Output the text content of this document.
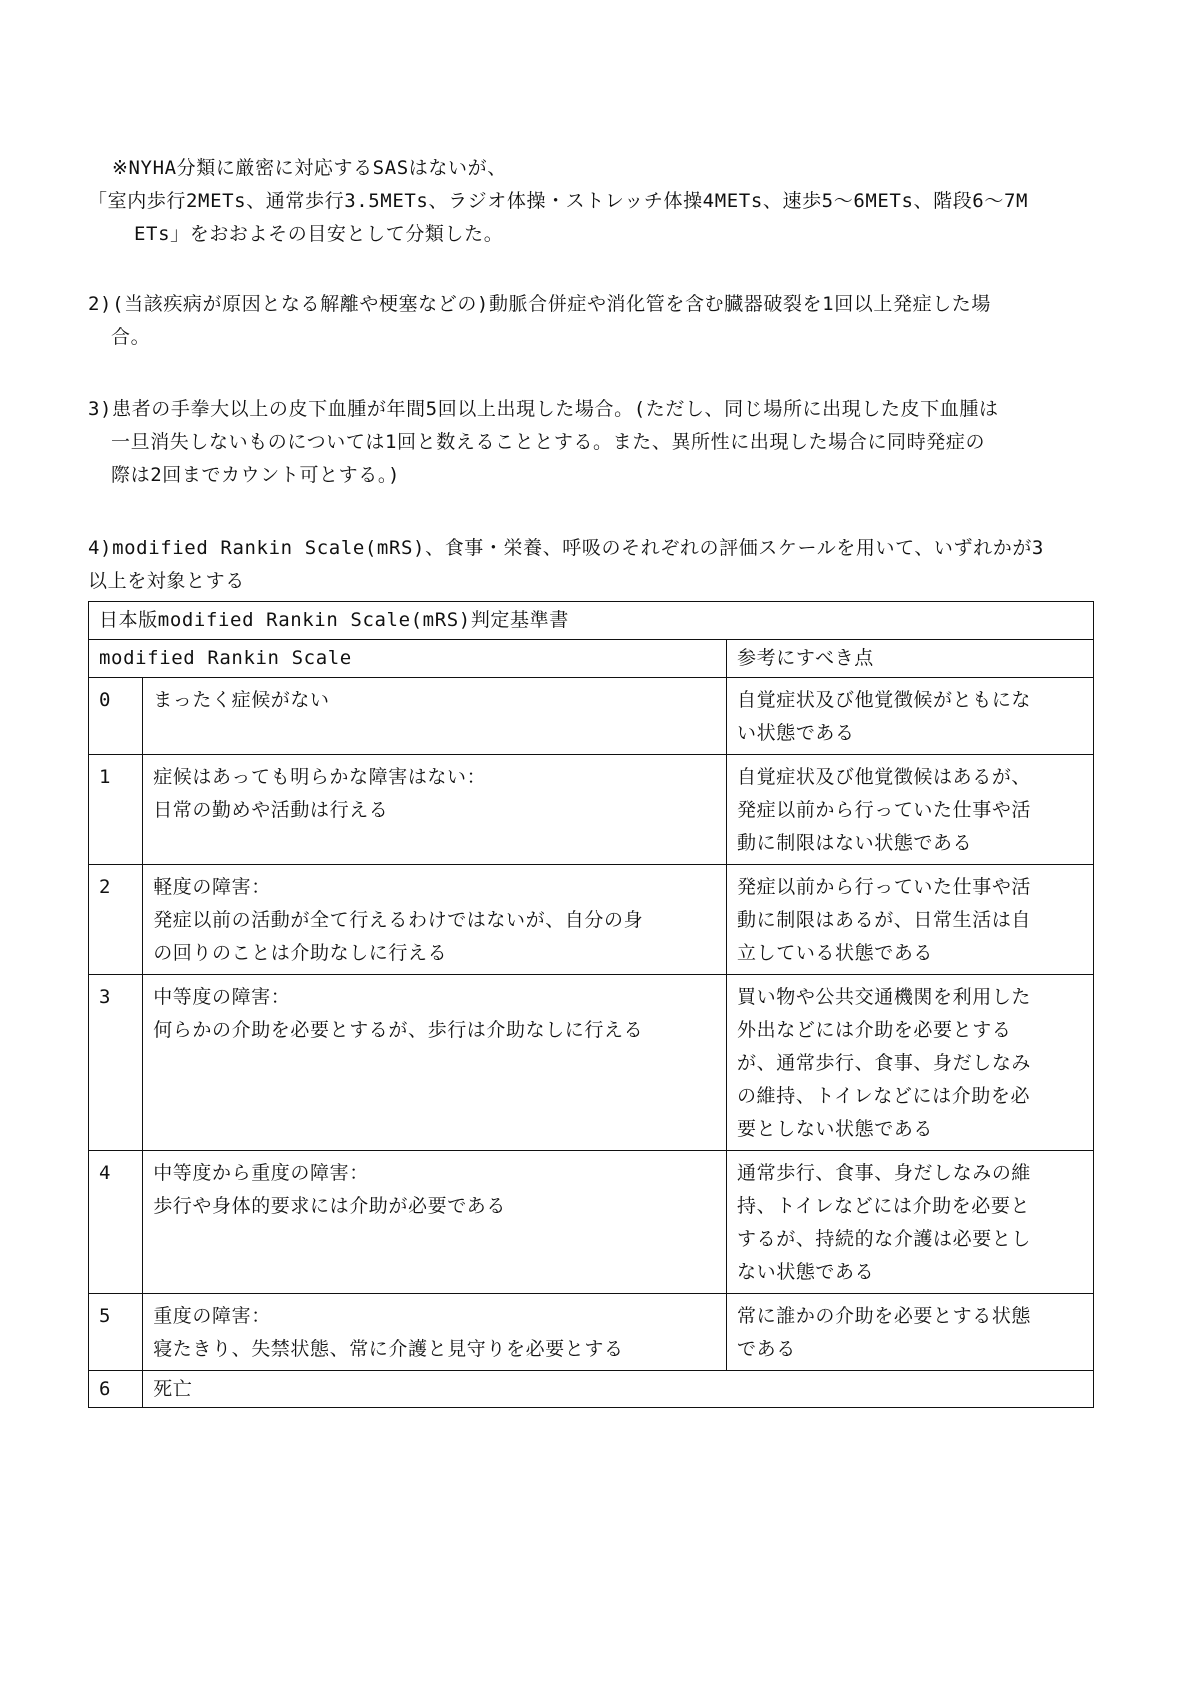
※NYHA分類に厳密に対応するSASはないが、
「室内歩行2METs、通常歩行3.5METs、ラジオ体操・ストレッチ体操4METs、速歩5～6METs、階段6～7M
ETs」をおおよその目安として分類した。
2)(当該疾病が原因となる解離や梗塞などの)動脈合併症や消化管を含む臓器破裂を1回以上発症した場
合。
3)患者の手拳大以上の皮下血腫が年間5回以上出現した場合。(ただし、同じ場所に出現した皮下血腫は
一旦消失しないものについては1回と数えることとする。また、異所性に出現した場合に同時発症の
際は2回までカウント可とする。)
4)modified Rankin Scale(mRS)、食事・栄養、呼吸のそれぞれの評価スケールを用いて、いずれかが3
以上を対象とする
日本版modified Rankin Scale(mRS)判定基準書		
modified Rankin Scale		参考にすべき点
0	まったく症候がない	自覚症状及び他覚徴候がともにな
い状態である

1	症候はあっても明らかな障害はない：
日常の勤めや活動は行える	自覚症状及び他覚徴候はあるが、
発症以前から行っていた仕事や活
動に制限はない状態である

2	軽度の障害：
発症以前の活動が全て行えるわけではないが、自分の身
の回りのことは介助なしに行える	発症以前から行っていた仕事や活
動に制限はあるが、日常生活は自
立している状態である

3	中等度の障害：
何らかの介助を必要とするが、歩行は介助なしに行える	買い物や公共交通機関を利用した
外出などには介助を必要とする
が、通常歩行、食事、身だしなみ
の維持、トイレなどには介助を必
要としない状態である

4	中等度から重度の障害：
歩行や身体的要求には介助が必要である	通常歩行、食事、身だしなみの維
持、トイレなどには介助を必要と
するが、持続的な介護は必要とし
ない状態である

5	重度の障害：
寝たきり、失禁状態、常に介護と見守りを必要とする	常に誰かの介助を必要とする状態
である

6	死亡	
